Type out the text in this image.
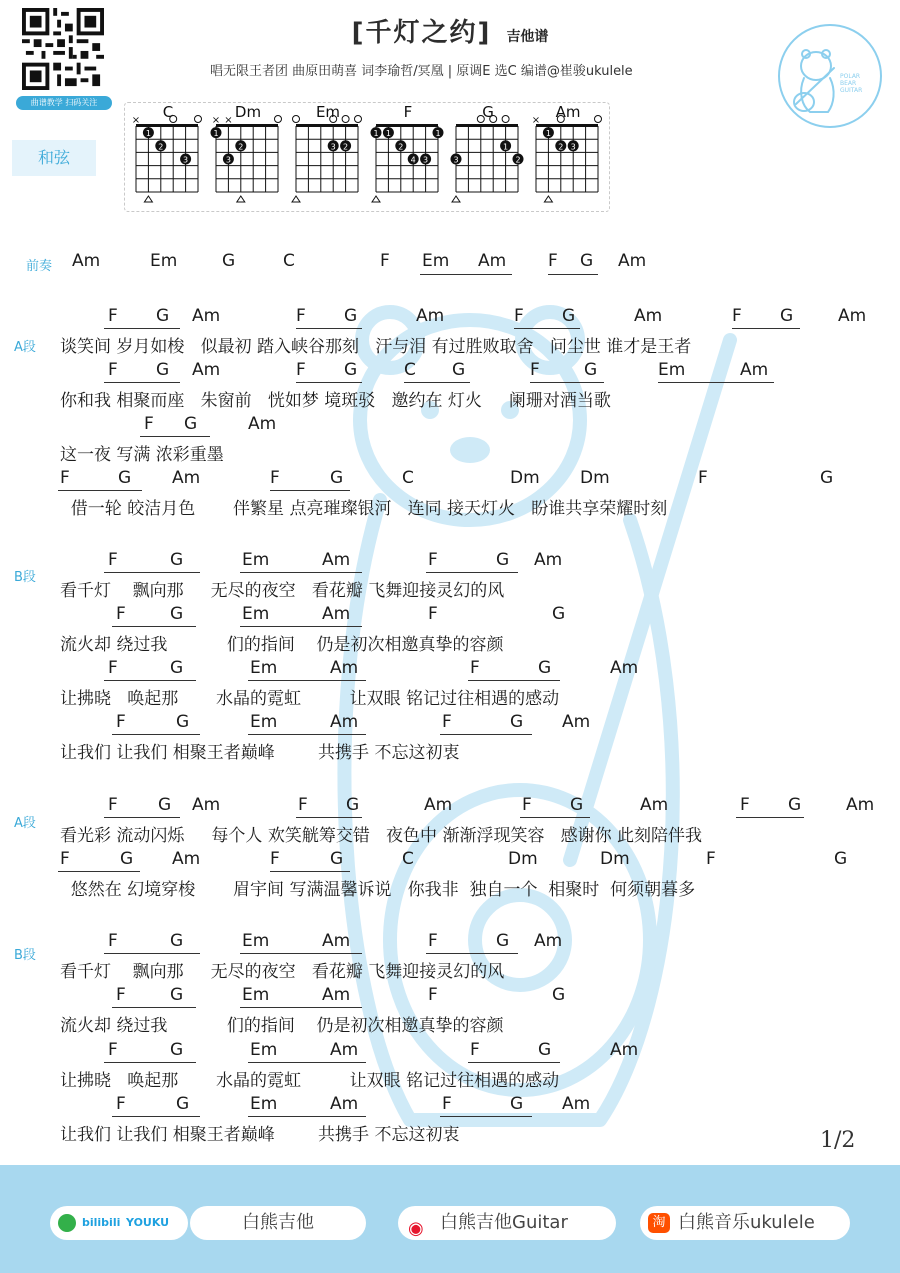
曲谱教学 扫码关注
[千灯之约] 吉他谱
唱无限王者团 曲原田萌喜 词李瑜哲/冥凰 | 原调E 选C 编谱@崔骏ukulele	POLAR
BEAR
GUITAR
和弦
C
×
1
2
3
Dm
× ×
1
2
3
Em
2
3
F
1
1 1
2
3
4
G
1
2
3
Am
×
1
2 3
前奏 Am	Em	G	C	F Em Am F G Am
A段
F G Am	F G	Am	F G	Am	F G	Am
谈笑间 岁月如梭   似最初 踏入峡谷那刻   汗与泪 有过胜败取舍   问尘世 谁才是王者
F G Am	F G	C G	F	G	Em	Am
你和我 相聚而座   朱窗前   恍如梦 境斑驳   邀约在 灯火     阑珊对酒当歌
F G	Am
这一夜 写满 浓彩重墨
F	G Am	F	G	C	Dm Dm	F	G
借一轮 皎洁月色       伴繁星 点亮璀璨银河   连同 接天灯火   盼谁共享荣耀时刻
B段
F	G	Em	Am	F	G Am
看千灯    飘向那     无尽的夜空   看花瓣 飞舞迎接灵幻的风
F	G	Em	Am	F	G
流火却 绕过我           们的指间    仍是初次相邀真挚的容颜
F	G	Em	Am	F	G	Am
让拂晓   唤起那       水晶的霓虹         让双眼 铭记过往相遇的感动
F	G	Em	Am	F	G Am
让我们 让我们 相聚王者巅峰        共携手 不忘这初衷
A段
F G Am	F G	Am	F G	Am	F G	Am
看光彩 流动闪烁     每个人 欢笑觥筹交错   夜色中 渐渐浮现笑容   感谢你 此刻陪伴我
F	G Am	F	G	C	Dm	Dm	F	G
悠然在 幻境穿梭       眉宇间 写满温馨诉说   你我非  独自一个  相聚时  何须朝暮多
B段
F	G	Em	Am	F	G Am
看千灯    飘向那     无尽的夜空   看花瓣 飞舞迎接灵幻的风
F	G	Em	Am	F	G
流火却 绕过我           们的指间    仍是初次相邀真挚的容颜
F	G	Em	Am	F	G	Am
让拂晓   唤起那       水晶的霓虹         让双眼 铭记过往相遇的感动
F	G	Em	Am	F	G Am
让我们 让我们 相聚王者巅峰        共携手 不忘这初衷	1/2
bilibili YOUKU	白熊吉他	◉ 白熊吉他Guitar	淘 白熊音乐ukulele
